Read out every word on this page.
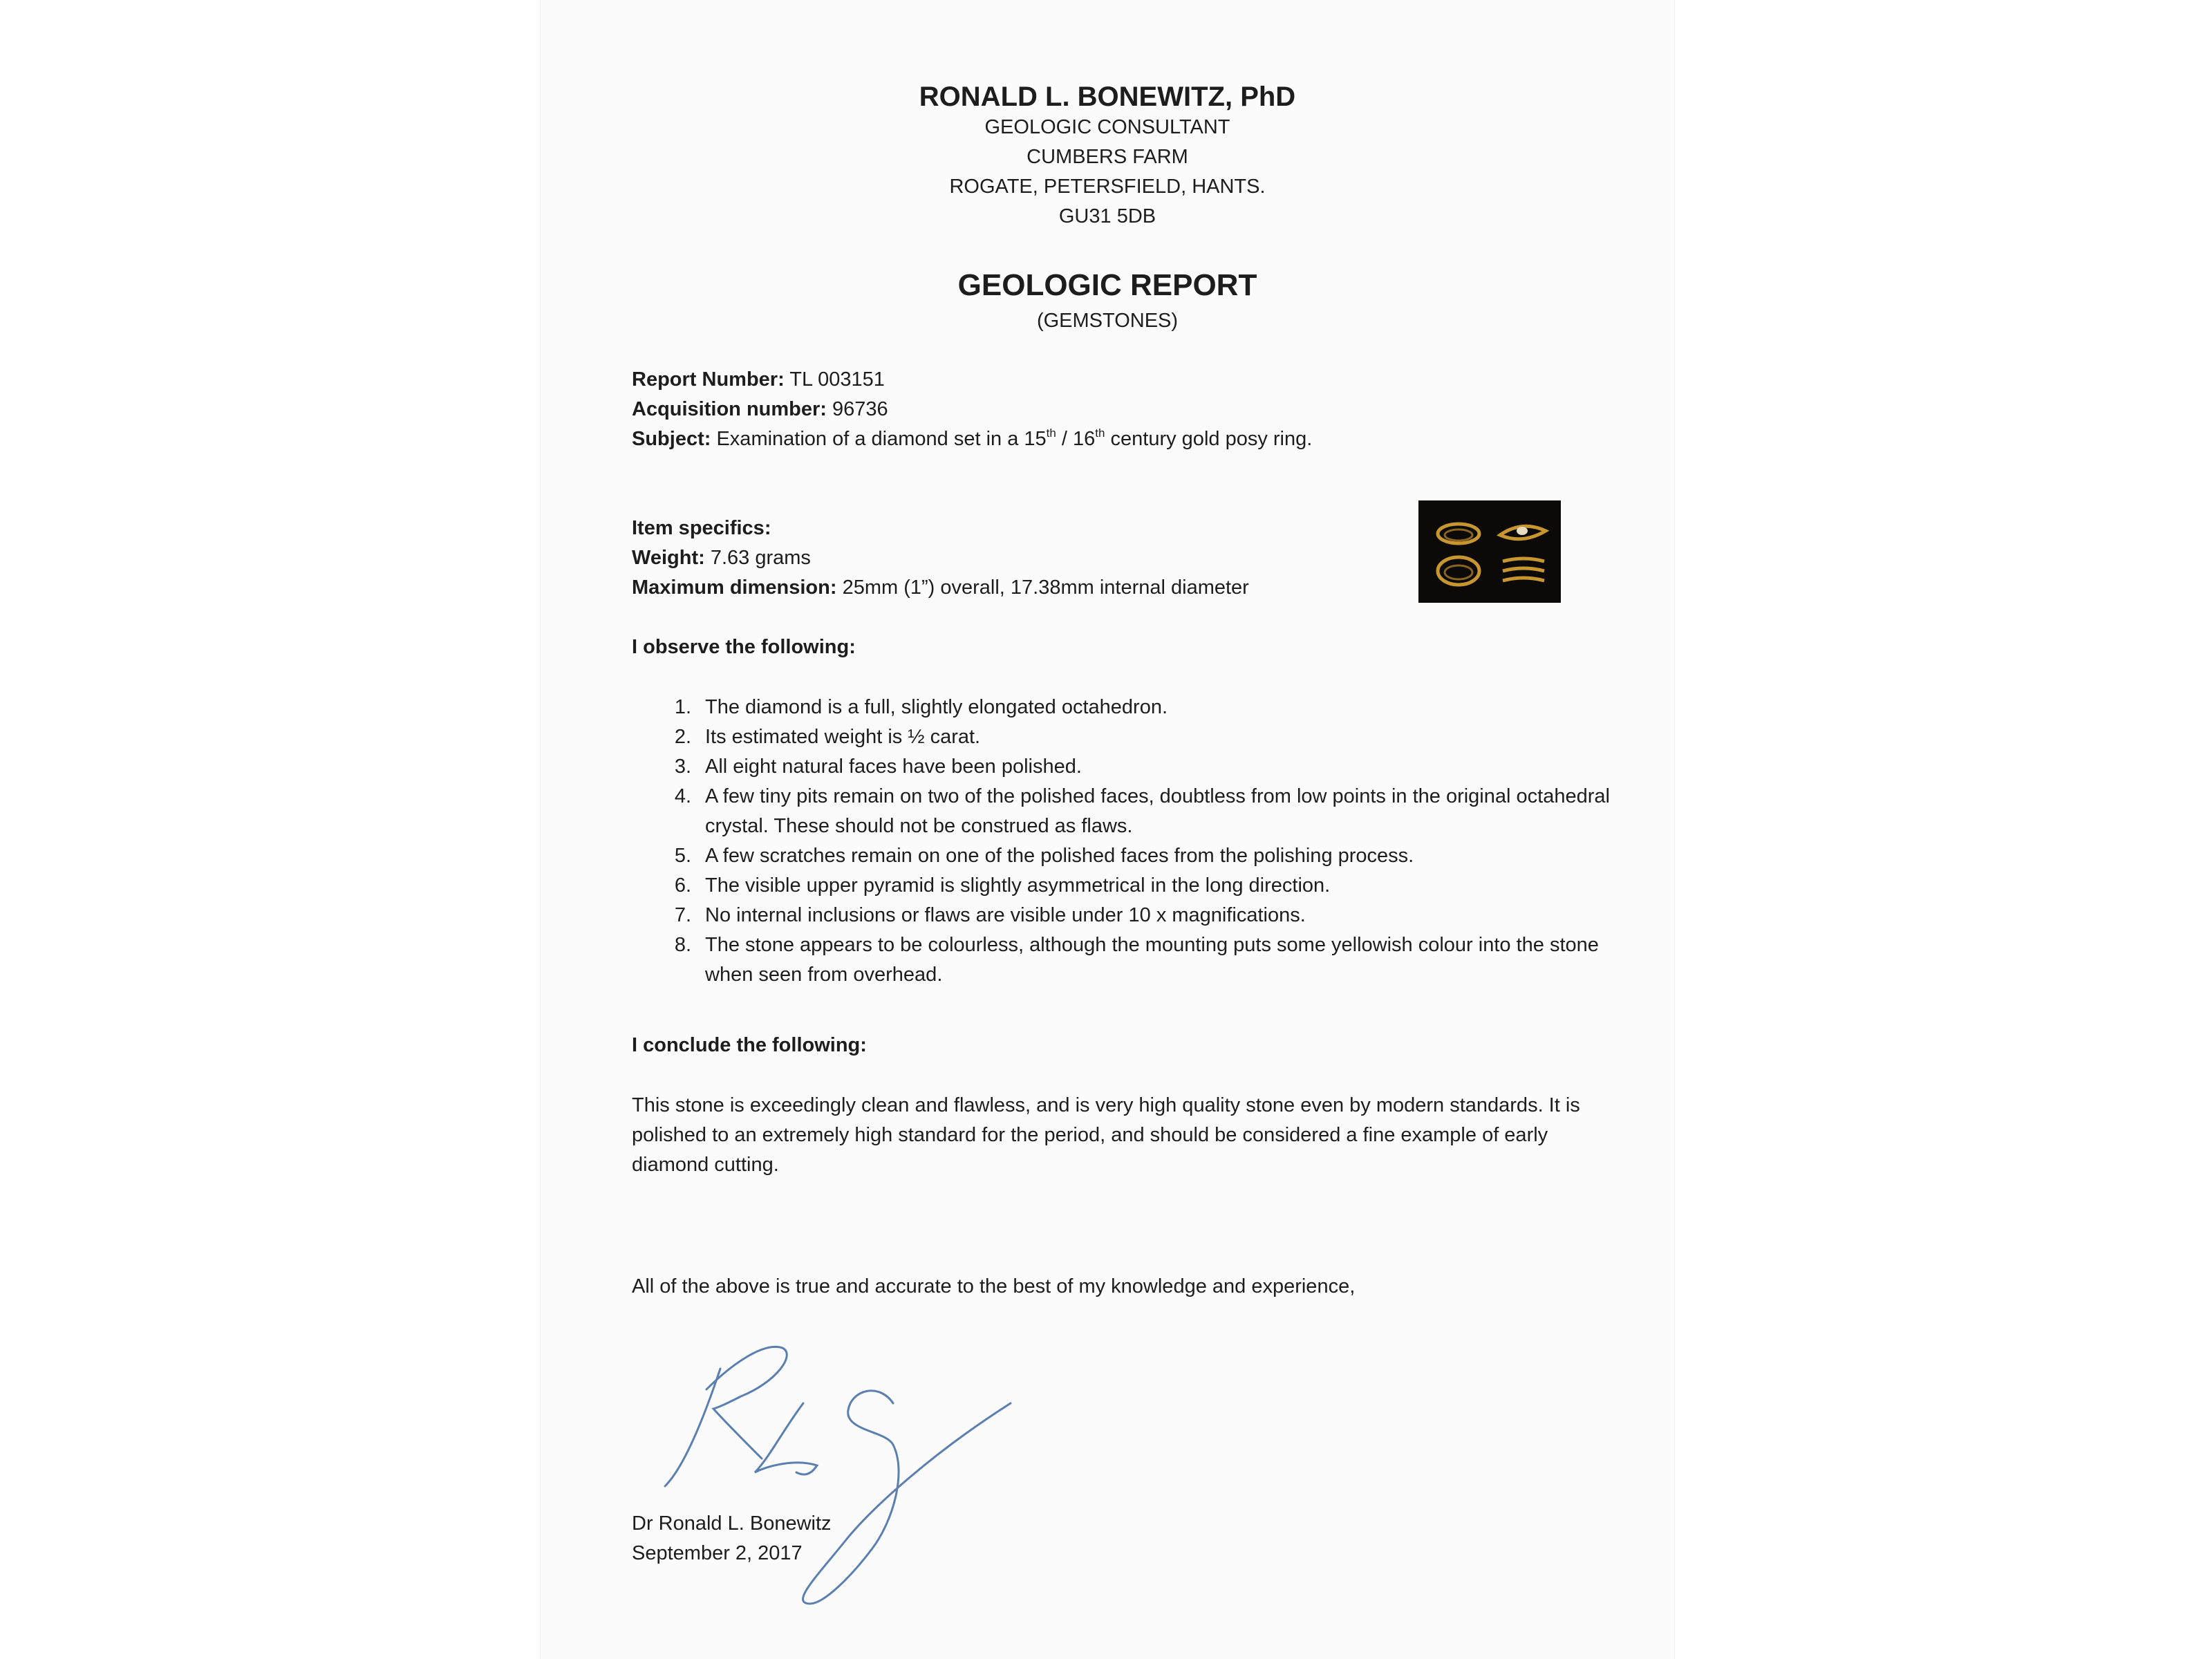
RONALD L. BONEWITZ, PhD
GEOLOGIC CONSULTANT
CUMBERS FARM
ROGATE, PETERSFIELD, HANTS.
GU31 5DB
GEOLOGIC REPORT
(GEMSTONES)
Report Number: TL 003151
Acquisition number: 96736
Subject: Examination of a diamond set in a 15th / 16th century gold posy ring.
Item specifics:
Weight: 7.63 grams
Maximum dimension: 25mm (1”) overall, 17.38mm internal diameter
I observe the following:
1. The diamond is a full, slightly elongated octahedron.
2. Its estimated weight is ½ carat.
3. All eight natural faces have been polished.
4. A few tiny pits remain on two of the polished faces, doubtless from low points in the original octahedral crystal. These should not be construed as flaws.
5. A few scratches remain on one of the polished faces from the polishing process.
6. The visible upper pyramid is slightly asymmetrical in the long direction.
7. No internal inclusions or flaws are visible under 10 x magnifications.
8. The stone appears to be colourless, although the mounting puts some yellowish colour into the stone when seen from overhead.
I conclude the following:
This stone is exceedingly clean and flawless, and is very high quality stone even by modern standards. It is polished to an extremely high standard for the period, and should be considered a fine example of early diamond cutting.
All of the above is true and accurate to the best of my knowledge and experience,
Dr Ronald L. Bonewitz
September 2, 2017
